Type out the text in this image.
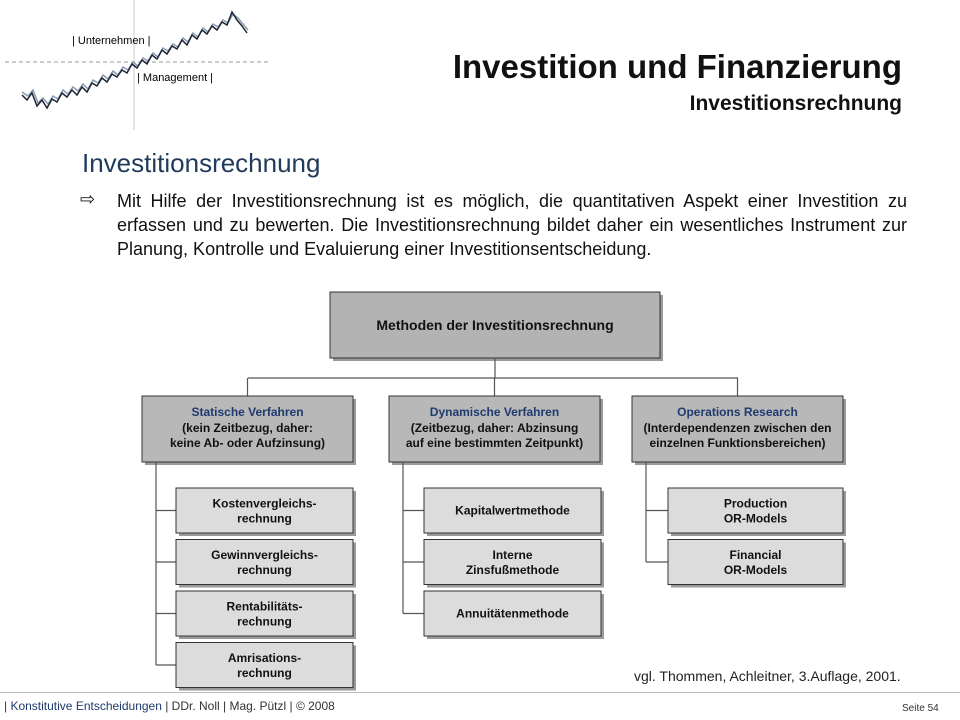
| Unternehmen |
| Management |	Investition und Finanzierung
Investitionsrechnung
Investitionsrechnung
⇨ Mit Hilfe der Investitionsrechnung ist es möglich, die quantitativen Aspekt einer Investition zu erfassen und zu bewerten. Die Investitionsrechnung bildet daher ein wesentliches Instrument zur Planung, Kontrolle und Evaluierung einer Investitionsentscheidung.
Methoden der Investitionsrechnung
Statische Verfahren
(kein Zeitbezug, daher:
keine Ab- oder Aufzinsung)
Kostenvergleichs-
rechnung
Gewinnvergleichs-
rechnung
Rentabilitäts-
rechnung
Amrisations-
rechnung
Dynamische Verfahren
(Zeitbezug, daher: Abzinsung
auf eine bestimmten Zeitpunkt)
Kapitalwertmethode
Interne
Zinsfußmethode
Annuitätenmethode
Operations Research
(Interdependenzen zwischen den
einzelnen Funktionsbereichen)
Production
OR-Models
Financial
OR-Models
vgl. Thommen, Achleitner, 3.Auflage, 2001.
| Konstitutive Entscheidungen | DDr. Noll | Mag. Pützl | © 2008	Seite 54
